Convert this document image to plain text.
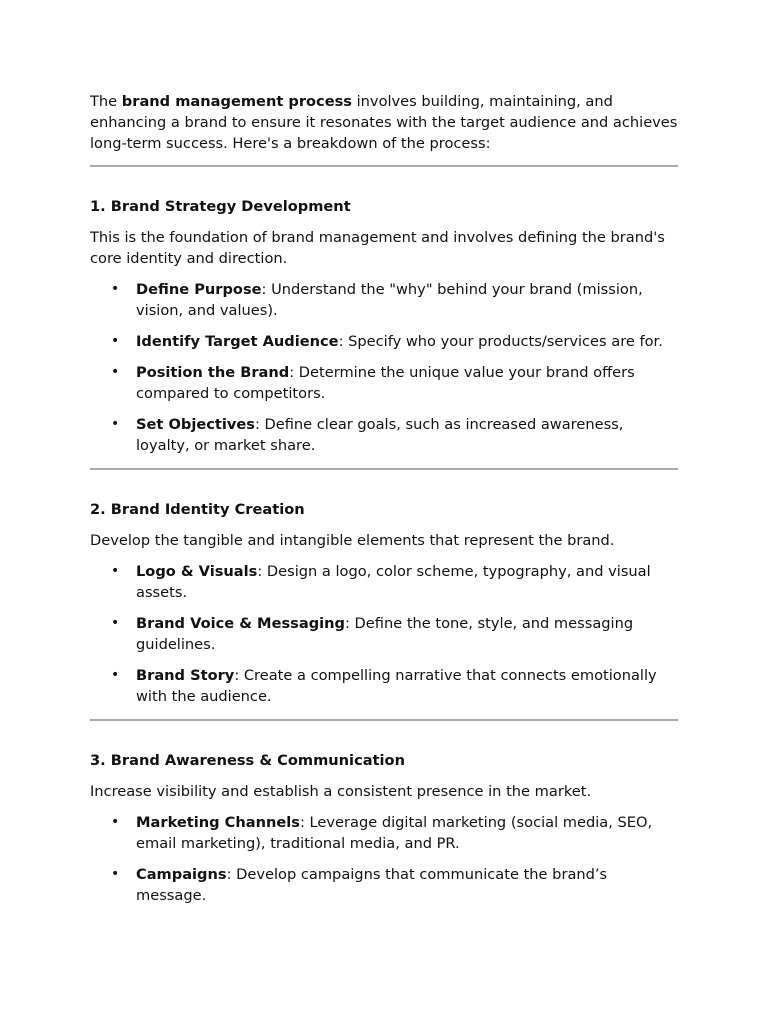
The brand management process involves building, maintaining, and enhancing a brand to ensure it resonates with the target audience and achieves long-term success. Here's a breakdown of the process:

1. Brand Strategy Development

This is the foundation of brand management and involves defining the brand's core identity and direction.

• Define Purpose: Understand the "why" behind your brand (mission, vision, and values).
• Identify Target Audience: Specify who your products/services are for.
• Position the Brand: Determine the unique value your brand offers compared to competitors.
• Set Objectives: Define clear goals, such as increased awareness, loyalty, or market share.
2. Brand Identity Creation

Develop the tangible and intangible elements that represent the brand.

• Logo & Visuals: Design a logo, color scheme, typography, and visual assets.
• Brand Voice & Messaging: Define the tone, style, and messaging guidelines.
• Brand Story: Create a compelling narrative that connects emotionally with the audience.
3. Brand Awareness & Communication

Increase visibility and establish a consistent presence in the market.

• Marketing Channels: Leverage digital marketing (social media, SEO, email marketing), traditional media, and PR.
• Campaigns: Develop campaigns that communicate the brand’s message.
